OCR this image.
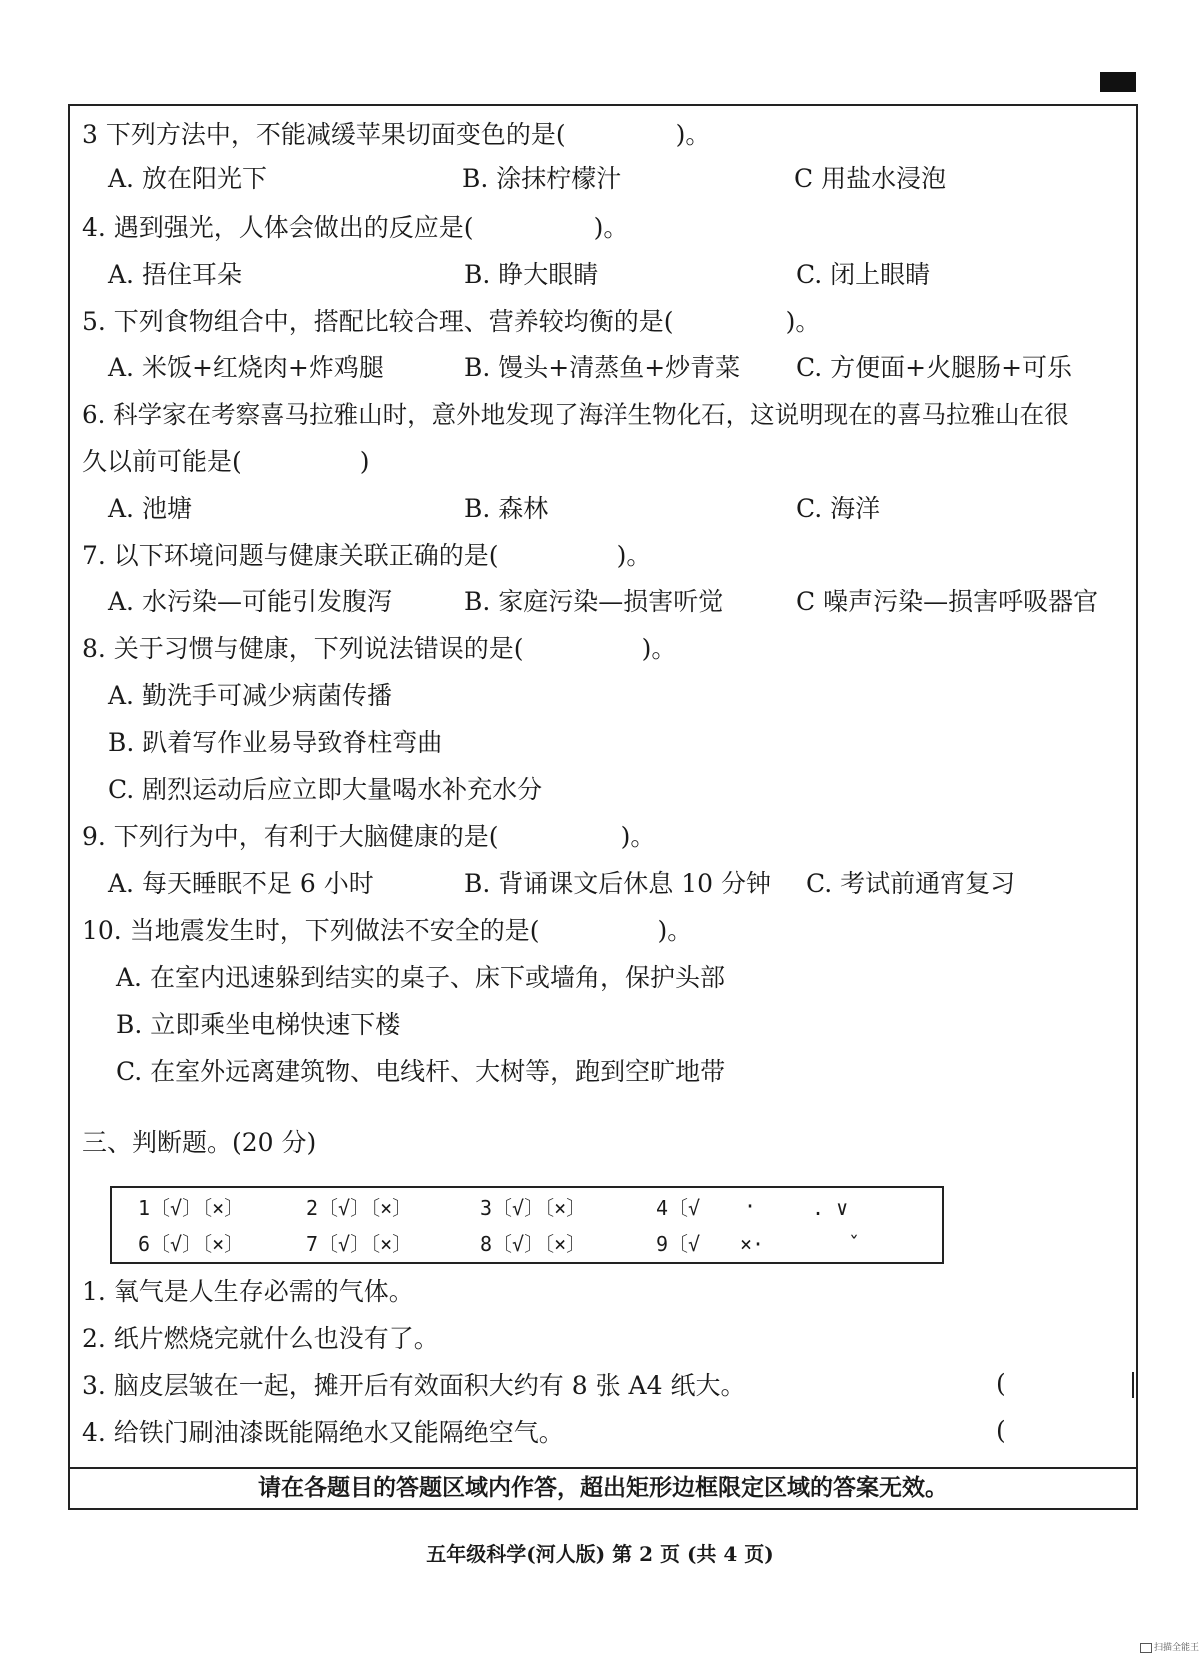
3 下列方法中，不能减缓苹果切面变色的是(	)。
A. 放在阳光下	B. 涂抹柠檬汁	C 用盐水浸泡
4. 遇到强光，人体会做出的反应是(	)。
A. 捂住耳朵	B. 睁大眼睛	C. 闭上眼睛
5. 下列食物组合中，搭配比较合理、营养较均衡的是(	)。
A. 米饭+红烧肉+炸鸡腿	B. 馒头+清蒸鱼+炒青菜 C. 方便面+火腿肠+可乐
6. 科学家在考察喜马拉雅山时，意外地发现了海洋生物化石，这说明现在的喜马拉雅山在很
久以前可能是(	)
A. 池塘	B. 森林	C. 海洋
7. 以下环境问题与健康关联正确的是(	)。
A. 水污染—可能引发腹泻	B. 家庭污染—损害听觉	C 噪声污染—损害呼吸器官
8. 关于习惯与健康，下列说法错误的是(	)。
A. 勤洗手可减少病菌传播
B. 趴着写作业易导致脊柱弯曲
C. 剧烈运动后应立即大量喝水补充水分
9. 下列行为中，有利于大脑健康的是(	)。
A. 每天睡眠不足 6 小时	B. 背诵课文后休息 10 分钟 C. 考试前通宵复习
10. 当地震发生时，下列做法不安全的是(	)。
A. 在室内迅速躲到结实的桌子、床下或墙角，保护头部
B. 立即乘坐电梯快速下楼
C. 在室外远离建筑物、电线杆、大树等，跑到空旷地带
三、判断题。(20 分)
1〔√〕〔×〕	2〔√〕〔×〕	3〔√〕〔×〕	4〔√ ·	. ∨
6〔√〕〔×〕	7〔√〕〔×〕	8〔√〕〔×〕	9〔√ ×·	ˇ
1. 氧气是人生存必需的气体。
2. 纸片燃烧完就什么也没有了。
3. 脑皮层皱在一起，摊开后有效面积大约有 8 张 A4 纸大。	(
4. 给铁门刷油漆既能隔绝水又能隔绝空气。	(
请在各题目的答题区域内作答，超出矩形边框限定区域的答案无效。
五年级科学(河人版) 第 2 页 (共 4 页)
扫描全能王
